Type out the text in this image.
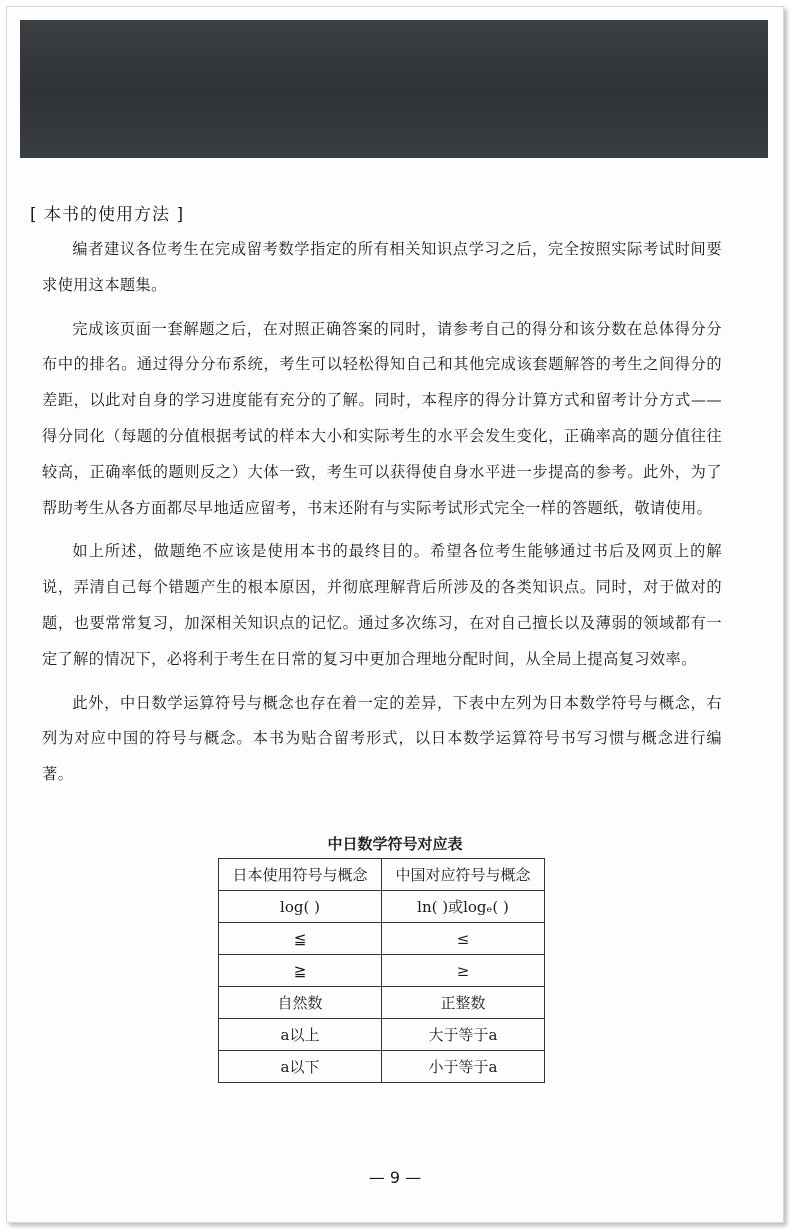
[ 本书的使用方法 ]

编者建议各位考生在完成留考数学指定的所有相关知识点学习之后，完全按照实际考试时间要求使用这本题集。

完成该页面一套解题之后，在对照正确答案的同时，请参考自己的得分和该分数在总体得分分布中的排名。通过得分分布系统，考生可以轻松得知自己和其他完成该套题解答的考生之间得分的差距，以此对自身的学习进度能有充分的了解。同时，本程序的得分计算方式和留考计分方式——得分同化（每题的分值根据考试的样本大小和实际考生的水平会发生变化，正确率高的题分值往往较高，正确率低的题则反之）大体一致，考生可以获得使自身水平进一步提高的参考。此外，为了帮助考生从各方面都尽早地适应留考，书末还附有与实际考试形式完全一样的答题纸，敬请使用。

如上所述，做题绝不应该是使用本书的最终目的。希望各位考生能够通过书后及网页上的解说，弄清自己每个错题产生的根本原因，并彻底理解背后所涉及的各类知识点。同时，对于做对的题，也要常常复习，加深相关知识点的记忆。通过多次练习，在对自己擅长以及薄弱的领域都有一定了解的情况下，必将利于考生在日常的复习中更加合理地分配时间，从全局上提高复习效率。

此外，中日数学运算符号与概念也存在着一定的差异，下表中左列为日本数学符号与概念，右列为对应中国的符号与概念。本书为贴合留考形式，以日本数学运算符号书写习惯与概念进行编著。

中日数学符号对应表
日本使用符号与概念	中国对应符号与概念
log( )	ln( )或logₑ( )
≦	≤
≧	≥
自然数	正整数
a以上	大于等于a
a以下	小于等于a
— 9 —
